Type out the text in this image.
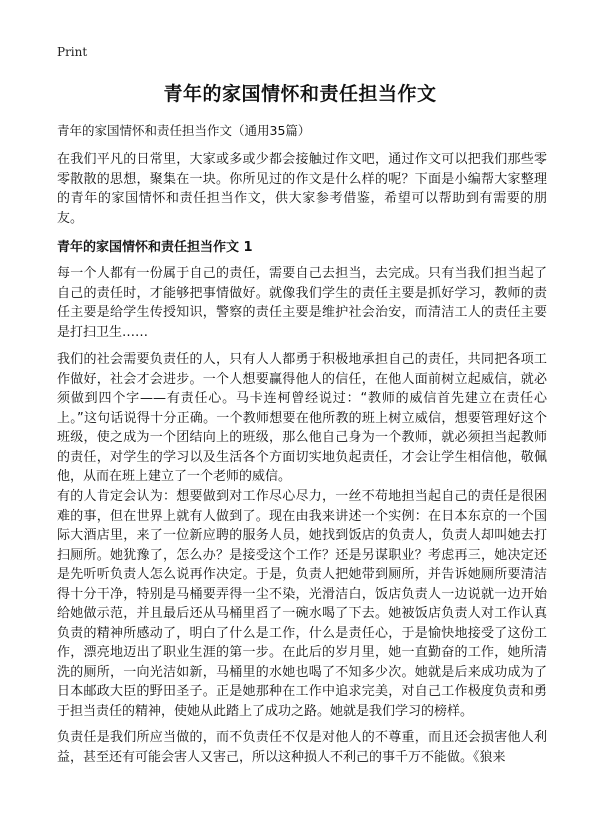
Print
青年的家国情怀和责任担当作文
青年的家国情怀和责任担当作文（通用35篇）

在我们平凡的日常里，大家或多或少都会接触过作文吧，通过作文可以把我们那些零零散散的思想，聚集在一块。你所见过的作文是什么样的呢？下面是小编帮大家整理的青年的家国情怀和责任担当作文，供大家参考借鉴，希望可以帮助到有需要的朋友。

青年的家国情怀和责任担当作文 1

每一个人都有一份属于自己的责任，需要自己去担当，去完成。只有当我们担当起了自己的责任时，才能够把事情做好。就像我们学生的责任主要是抓好学习，教师的责任主要是给学生传授知识，警察的责任主要是维护社会治安，而清洁工人的责任主要是打扫卫生……

我们的社会需要负责任的人，只有人人都勇于积极地承担自己的责任，共同把各项工作做好，社会才会进步。一个人想要赢得他人的信任，在他人面前树立起威信，就必须做到四个字——有责任心。马卡连柯曾经说过：“教师的威信首先建立在责任心上。”这句话说得十分正确。一个教师想要在他所教的班上树立威信，想要管理好这个班级，使之成为一个团结向上的班级，那么他自己身为一个教师，就必须担当起教师的责任，对学生的学习以及生活各个方面切实地负起责任，才会让学生相信他，敬佩他，从而在班上建立了一个老师的威信。

有的人肯定会认为：想要做到对工作尽心尽力，一丝不苟地担当起自己的责任是很困难的事，但在世界上就有人做到了。现在由我来讲述一个实例：在日本东京的一个国际大酒店里，来了一位新应聘的服务人员，她找到饭店的负责人，负责人却叫她去打扫厕所。她犹豫了，怎么办？是接受这个工作？还是另谋职业？考虑再三，她决定还是先听听负责人怎么说再作决定。于是，负责人把她带到厕所，并告诉她厕所要清洁得十分干净，特别是马桶要弄得一尘不染，光滑洁白，饭店负责人一边说就一边开始给她做示范，并且最后还从马桶里舀了一碗水喝了下去。她被饭店负责人对工作认真负责的精神所感动了，明白了什么是工作，什么是责任心，于是愉快地接受了这份工作，漂亮地迈出了职业生涯的第一步。在此后的岁月里，她一直勤奋的工作，她所清洗的厕所，一向光洁如新，马桶里的水她也喝了不知多少次。她就是后来成功成为了日本邮政大臣的野田圣子。正是她那种在工作中追求完美，对自己工作极度负责和勇于担当责任的精神，使她从此踏上了成功之路。她就是我们学习的榜样。

负责任是我们所应当做的，而不负责任不仅是对他人的不尊重，而且还会损害他人利益，甚至还有可能会害人又害己，所以这种损人不利己的事千万不能做。《狼来
